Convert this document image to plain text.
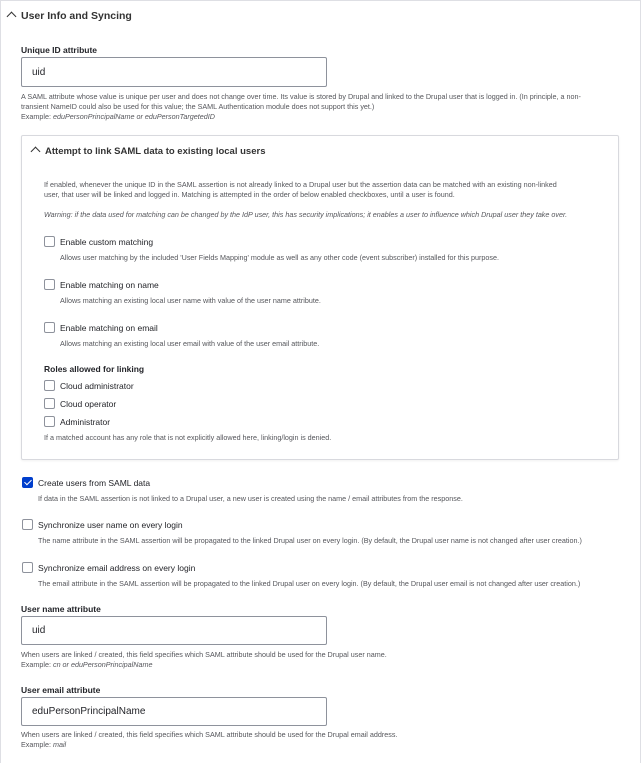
User Info and Syncing
Unique ID attribute
uid
A SAML attribute whose value is unique per user and does not change over time. Its value is stored by Drupal and linked to the Drupal user that is logged in. (In principle, a non-
transient NameID could also be used for this value; the SAML Authentication module does not support this yet.)
Example: eduPersonPrincipalName or eduPersonTargetedID
Attempt to link SAML data to existing local users
If enabled, whenever the unique ID in the SAML assertion is not already linked to a Drupal user but the assertion data can be matched with an existing non-linked
user, that user will be linked and logged in. Matching is attempted in the order of below enabled checkboxes, until a user is found.
Warning: if the data used for matching can be changed by the IdP user, this has security implications; it enables a user to influence which Drupal user they take over.
Enable custom matching
Allows user matching by the included 'User Fields Mapping' module as well as any other code (event subscriber) installed for this purpose.
Enable matching on name
Allows matching an existing local user name with value of the user name attribute.
Enable matching on email
Allows matching an existing local user email with value of the user email attribute.
Roles allowed for linking
Cloud administrator
Cloud operator
Administrator
If a matched account has any role that is not explicitly allowed here, linking/login is denied.
Create users from SAML data
If data in the SAML assertion is not linked to a Drupal user, a new user is created using the name / email attributes from the response.
Synchronize user name on every login
The name attribute in the SAML assertion will be propagated to the linked Drupal user on every login. (By default, the Drupal user name is not changed after user creation.)
Synchronize email address on every login
The email attribute in the SAML assertion will be propagated to the linked Drupal user on every login. (By default, the Drupal user email is not changed after user creation.)
User name attribute
uid
When users are linked / created, this field specifies which SAML attribute should be used for the Drupal user name.
Example: cn or eduPersonPrincipalName
User email attribute
eduPersonPrincipalName
When users are linked / created, this field specifies which SAML attribute should be used for the Drupal email address.
Example: mail
